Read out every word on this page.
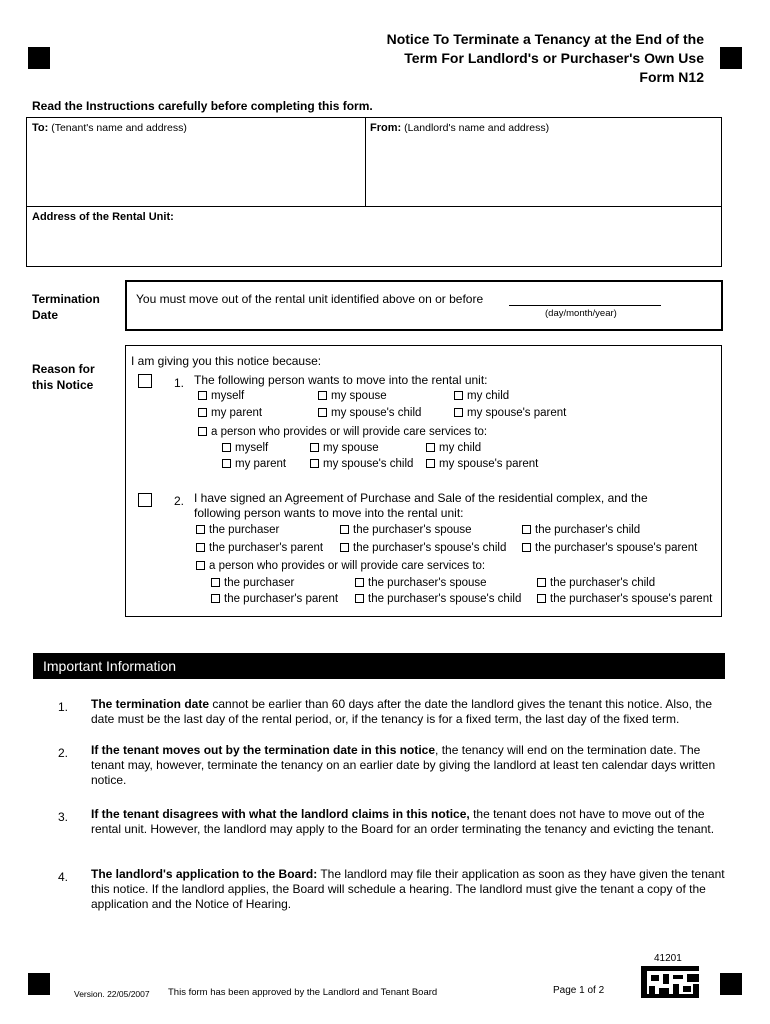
Notice To Terminate a Tenancy at the End of the
Term For Landlord's or Purchaser's Own Use
Form N12
Read the Instructions carefully before completing this form.
To: (Tenant's name and address)	From: (Landlord's name and address)
Address of the Rental Unit:
Termination
Date
You must move out of the rental unit identified above on or before
(day/month/year)
Reason for
this Notice
I am giving you this notice because:
1. The following person wants to move into the rental unit:
myself	my spouse	my child
my parent	my spouse's child	my spouse's parent
a person who provides or will provide care services to:
myself	my spouse	my child
my parent	my spouse's child	my spouse's parent
2. I have signed an Agreement of Purchase and Sale of the residential complex, and the
following person wants to move into the rental unit:
the purchaser	the purchaser's spouse	the purchaser's child
the purchaser's parent	the purchaser's spouse's child	the purchaser's spouse's parent
a person who provides or will provide care services to:
the purchaser	the purchaser's spouse	the purchaser's child
the purchaser's parent	the purchaser's spouse's child	the purchaser's spouse's parent
Important Information
1. The termination date cannot be earlier than 60 days after the date the landlord gives the tenant this notice. Also, the date must be the last day of the rental period, or, if the tenancy is for a fixed term, the last day of the fixed term.
2. If the tenant moves out by the termination date in this notice, the tenancy will end on the termination date. The tenant may, however, terminate the tenancy on an earlier date by giving the landlord at least ten calendar days written notice.
3. If the tenant disagrees with what the landlord claims in this notice, the tenant does not have to move out of the rental unit. However, the landlord may apply to the Board for an order terminating the tenancy and evicting the tenant.
4. The landlord's application to the Board: The landlord may file their application as soon as they have given the tenant this notice. If the landlord applies, the Board will schedule a hearing. The landlord must give the tenant a copy of the application and the Notice of Hearing.
41201
Version. 22/05/2007 This form has been approved by the Landlord and Tenant Board	Page 1 of 2
